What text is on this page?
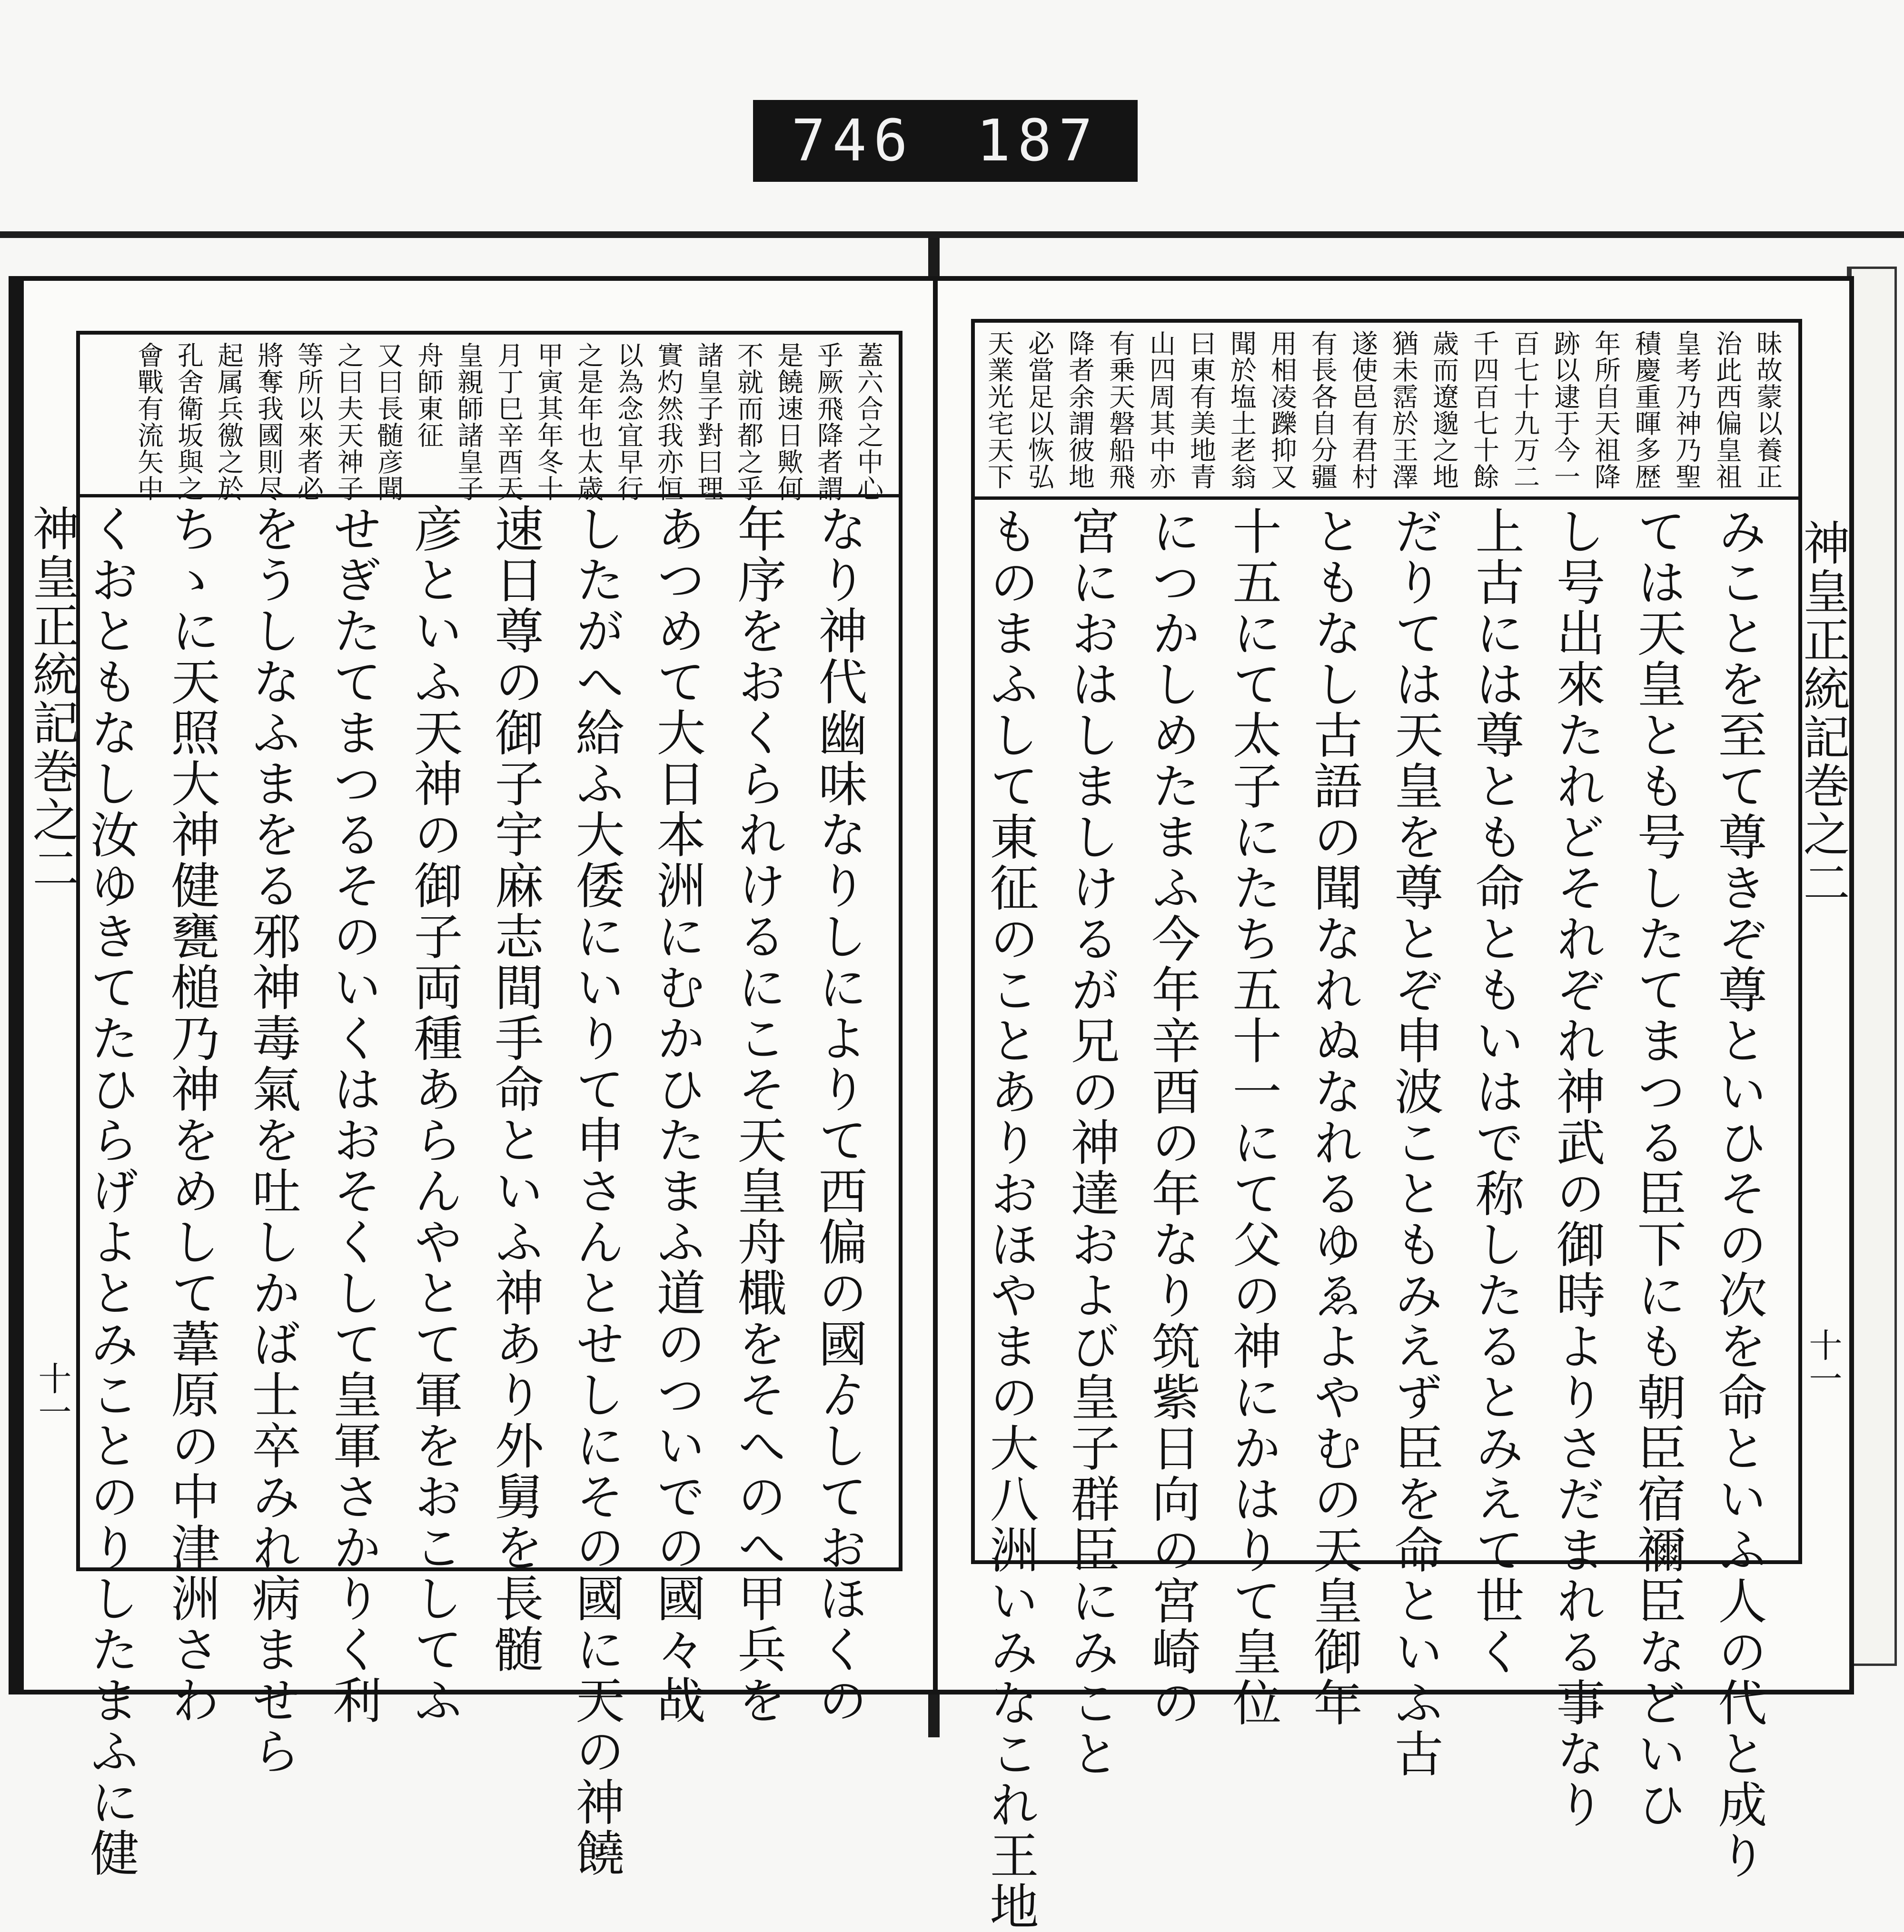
746 187
神皇正統記巻之二
十一
蓋六合之中心
乎厥飛降者謂
是饒速日歟何
不就而都之乎
諸皇子對曰理
實灼然我亦恒
以為念宜早行
之是年也太歳
甲寅其年冬十
月丁巳辛酉天
皇親師諸皇子
舟師東征
又曰長髄彦聞
之曰夫天神子
等所以來者必
將奪我國則尽
起属兵徼之於
孔舍衛坂與之
會戰有流矢中
なり神代幽味なりしによりて西偏の國ゟしておほくの
年序をおくられけるにこそ天皇舟檝をそへのへ甲兵を
あつめて大日本洲にむかひたまふ道のついでの國々战
したがへ給ふ大倭にいりて申さんとせしにその國に天の神饒
速日尊の御子宇麻志間手命といふ神あり外舅を長髄
彦といふ天神の御子両種あらんやとて軍をおこしてふ
せぎたてまつるそのいくはおそくして皇軍さかりく利
をうしなふまをる邪神毒氣を吐しかば士卒みれ病ませら
ちゝに天照大神健甕槌乃神をめして葦原の中津洲さわ
くおともなし汝ゆきてたひらげよとみことのりしたまふに健
昧故蒙以養正
治此西偏皇祖
皇考乃神乃聖
積慶重暉多歴
年所自天祖降
跡以逮于今一
百七十九万二
千四百七十餘
歳而遼邈之地
猶未霑於王澤
遂使邑有君村
有長各自分疆
用相凌躒抑又
聞於塩土老翁
曰東有美地青
山四周其中亦
有乗天磐船飛
降者余謂彼地
必當足以恢弘
天業光宅天下
みことを至て尊きぞ尊といひその次を命といふ人の代と成り
ては天皇とも号したてまつる臣下にも朝臣宿禰臣などいひ
し号出來たれどそれぞれ神武の御時よりさだまれる事なり
上古には尊とも命ともいはで称したるとみえて世く
だりては天皇を尊とぞ申波こともみえず臣を命といふ古
ともなし古語の聞なれぬなれるゆゑよやむの天皇御年
十五にて太子にたち五十一にて父の神にかはりて皇位
につかしめたまふ今年辛酉の年なり筑紫日向の宮崎の
宮におはしましけるが兄の神達および皇子群臣にみこと
ものまふして東征のことありおほやまの大八洲いみなこれ王地	神皇正統記巻之二
十一
